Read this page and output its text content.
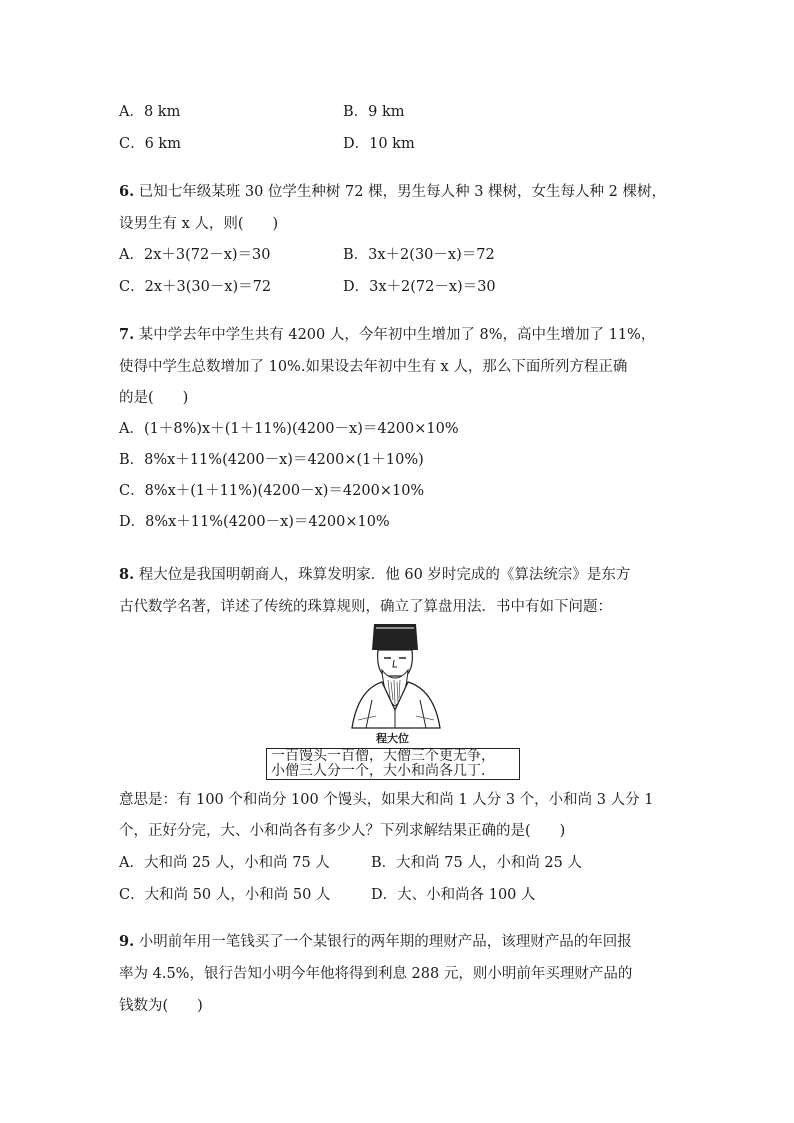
A．8 km	B．9 km
C．6 km	D．10 km
6. 已知七年级某班 30 位学生种树 72 棵，男生每人种 3 棵树，女生每人种 2 棵树，
设男生有 x 人，则(　　)
A．2x＋3(72－x)＝30	B．3x＋2(30－x)＝72
C．2x＋3(30－x)＝72	D．3x＋2(72－x)＝30
7. 某中学去年中学生共有 4200 人，今年初中生增加了 8%，高中生增加了 11%，
使得中学生总数增加了 10%.如果设去年初中生有 x 人，那么下面所列方程正确
的是(　　)
A．(1＋8%)x＋(1＋11%)(4200－x)＝4200×10%
B．8%x＋11%(4200－x)＝4200×(1＋10%)
C．8%x＋(1＋11%)(4200－x)＝4200×10%
D．8%x＋11%(4200－x)＝4200×10%
8. 程大位是我国明朝商人，珠算发明家．他 60 岁时完成的《算法统宗》是东方
古代数学名著，详述了传统的珠算规则，确立了算盘用法．书中有如下问题：
程大位
一百馒头一百僧，大僧三个更无争，
小僧三人分一个，大小和尚各几丁.
意思是：有 100 个和尚分 100 个馒头，如果大和尚 1 人分 3 个，小和尚 3 人分 1
个，正好分完，大、小和尚各有多少人？下列求解结果正确的是(　　)
A．大和尚 25 人，小和尚 75 人	B．大和尚 75 人，小和尚 25 人
C．大和尚 50 人，小和尚 50 人	D．大、小和尚各 100 人
9. 小明前年用一笔钱买了一个某银行的两年期的理财产品，该理财产品的年回报
率为 4.5%，银行告知小明今年他将得到利息 288 元，则小明前年买理财产品的
钱数为(　　)
